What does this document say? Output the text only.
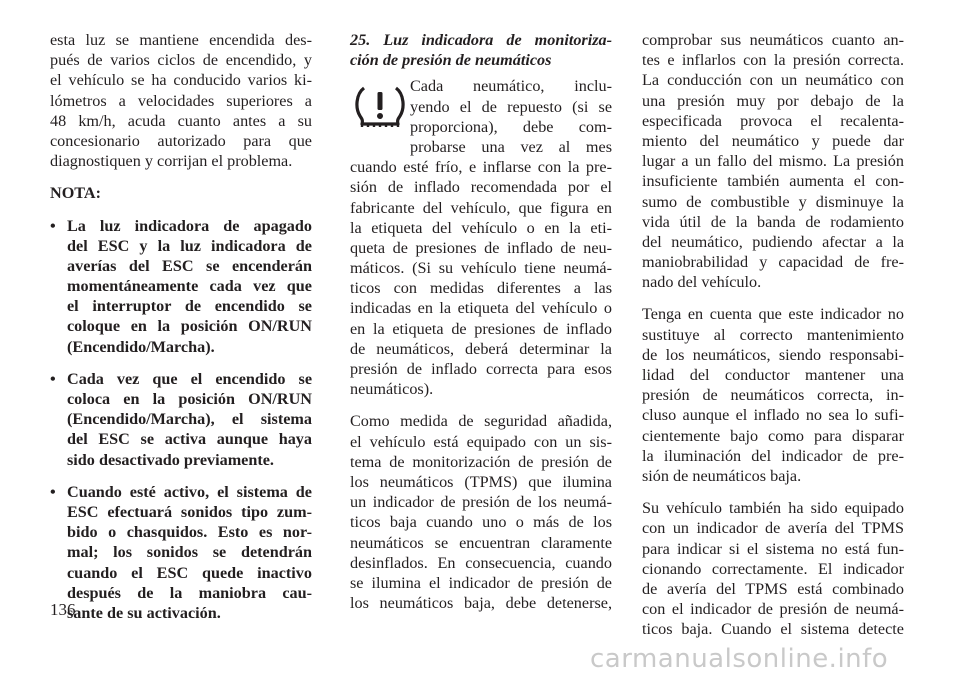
esta luz se mantiene encendida des-
pués de varios ciclos de encendido, y
el vehículo se ha conducido varios ki-
lómetros a velocidades superiores a
48 km/h, acuda cuanto antes a su
concesionario autorizado para que
diagnostiquen y corrijan el problema.
NOTA:
• La luz indicadora de apagado
del ESC y la luz indicadora de
averías del ESC se encenderán
momentáneamente cada vez que
el interruptor de encendido se
coloque en la posición ON/RUN
(Encendido/Marcha).
• Cada vez que el encendido se
coloca en la posición ON/RUN
(Encendido/Marcha), el sistema
del ESC se activa aunque haya
sido desactivado previamente.
• Cuando esté activo, el sistema de
ESC efectuará sonidos tipo zum-
bido o chasquidos. Esto es nor-
mal; los sonidos se detendrán
cuando el ESC quede inactivo
después de la maniobra cau-
sante de su activación.
25. Luz indicadora de monitoriza-
ción de presión de neumáticos
Cada neumático, inclu-
yendo el de repuesto (si se
proporciona), debe com-
probarse una vez al mes
cuando esté frío, e inflarse con la pre-
sión de inflado recomendada por el
fabricante del vehículo, que figura en
la etiqueta del vehículo o en la eti-
queta de presiones de inflado de neu-
máticos. (Si su vehículo tiene neumá-
ticos con medidas diferentes a las
indicadas en la etiqueta del vehículo o
en la etiqueta de presiones de inflado
de neumáticos, deberá determinar la
presión de inflado correcta para esos
neumáticos).
Como medida de seguridad añadida,
el vehículo está equipado con un sis-
tema de monitorización de presión de
los neumáticos (TPMS) que ilumina
un indicador de presión de los neumá-
ticos baja cuando uno o más de los
neumáticos se encuentran claramente
desinflados. En consecuencia, cuando
se ilumina el indicador de presión de
los neumáticos baja, debe detenerse,
comprobar sus neumáticos cuanto an-
tes e inflarlos con la presión correcta.
La conducción con un neumático con
una presión muy por debajo de la
especificada provoca el recalenta-
miento del neumático y puede dar
lugar a un fallo del mismo. La presión
insuficiente también aumenta el con-
sumo de combustible y disminuye la
vida útil de la banda de rodamiento
del neumático, pudiendo afectar a la
maniobrabilidad y capacidad de fre-
nado del vehículo.
Tenga en cuenta que este indicador no
sustituye al correcto mantenimiento
de los neumáticos, siendo responsabi-
lidad del conductor mantener una
presión de neumáticos correcta, in-
cluso aunque el inflado no sea lo sufi-
cientemente bajo como para disparar
la iluminación del indicador de pre-
sión de neumáticos baja.
Su vehículo también ha sido equipado
con un indicador de avería del TPMS
para indicar si el sistema no está fun-
cionando correctamente. El indicador
de avería del TPMS está combinado
con el indicador de presión de neumá-
ticos baja. Cuando el sistema detecte
136
carmanualsonline.info
